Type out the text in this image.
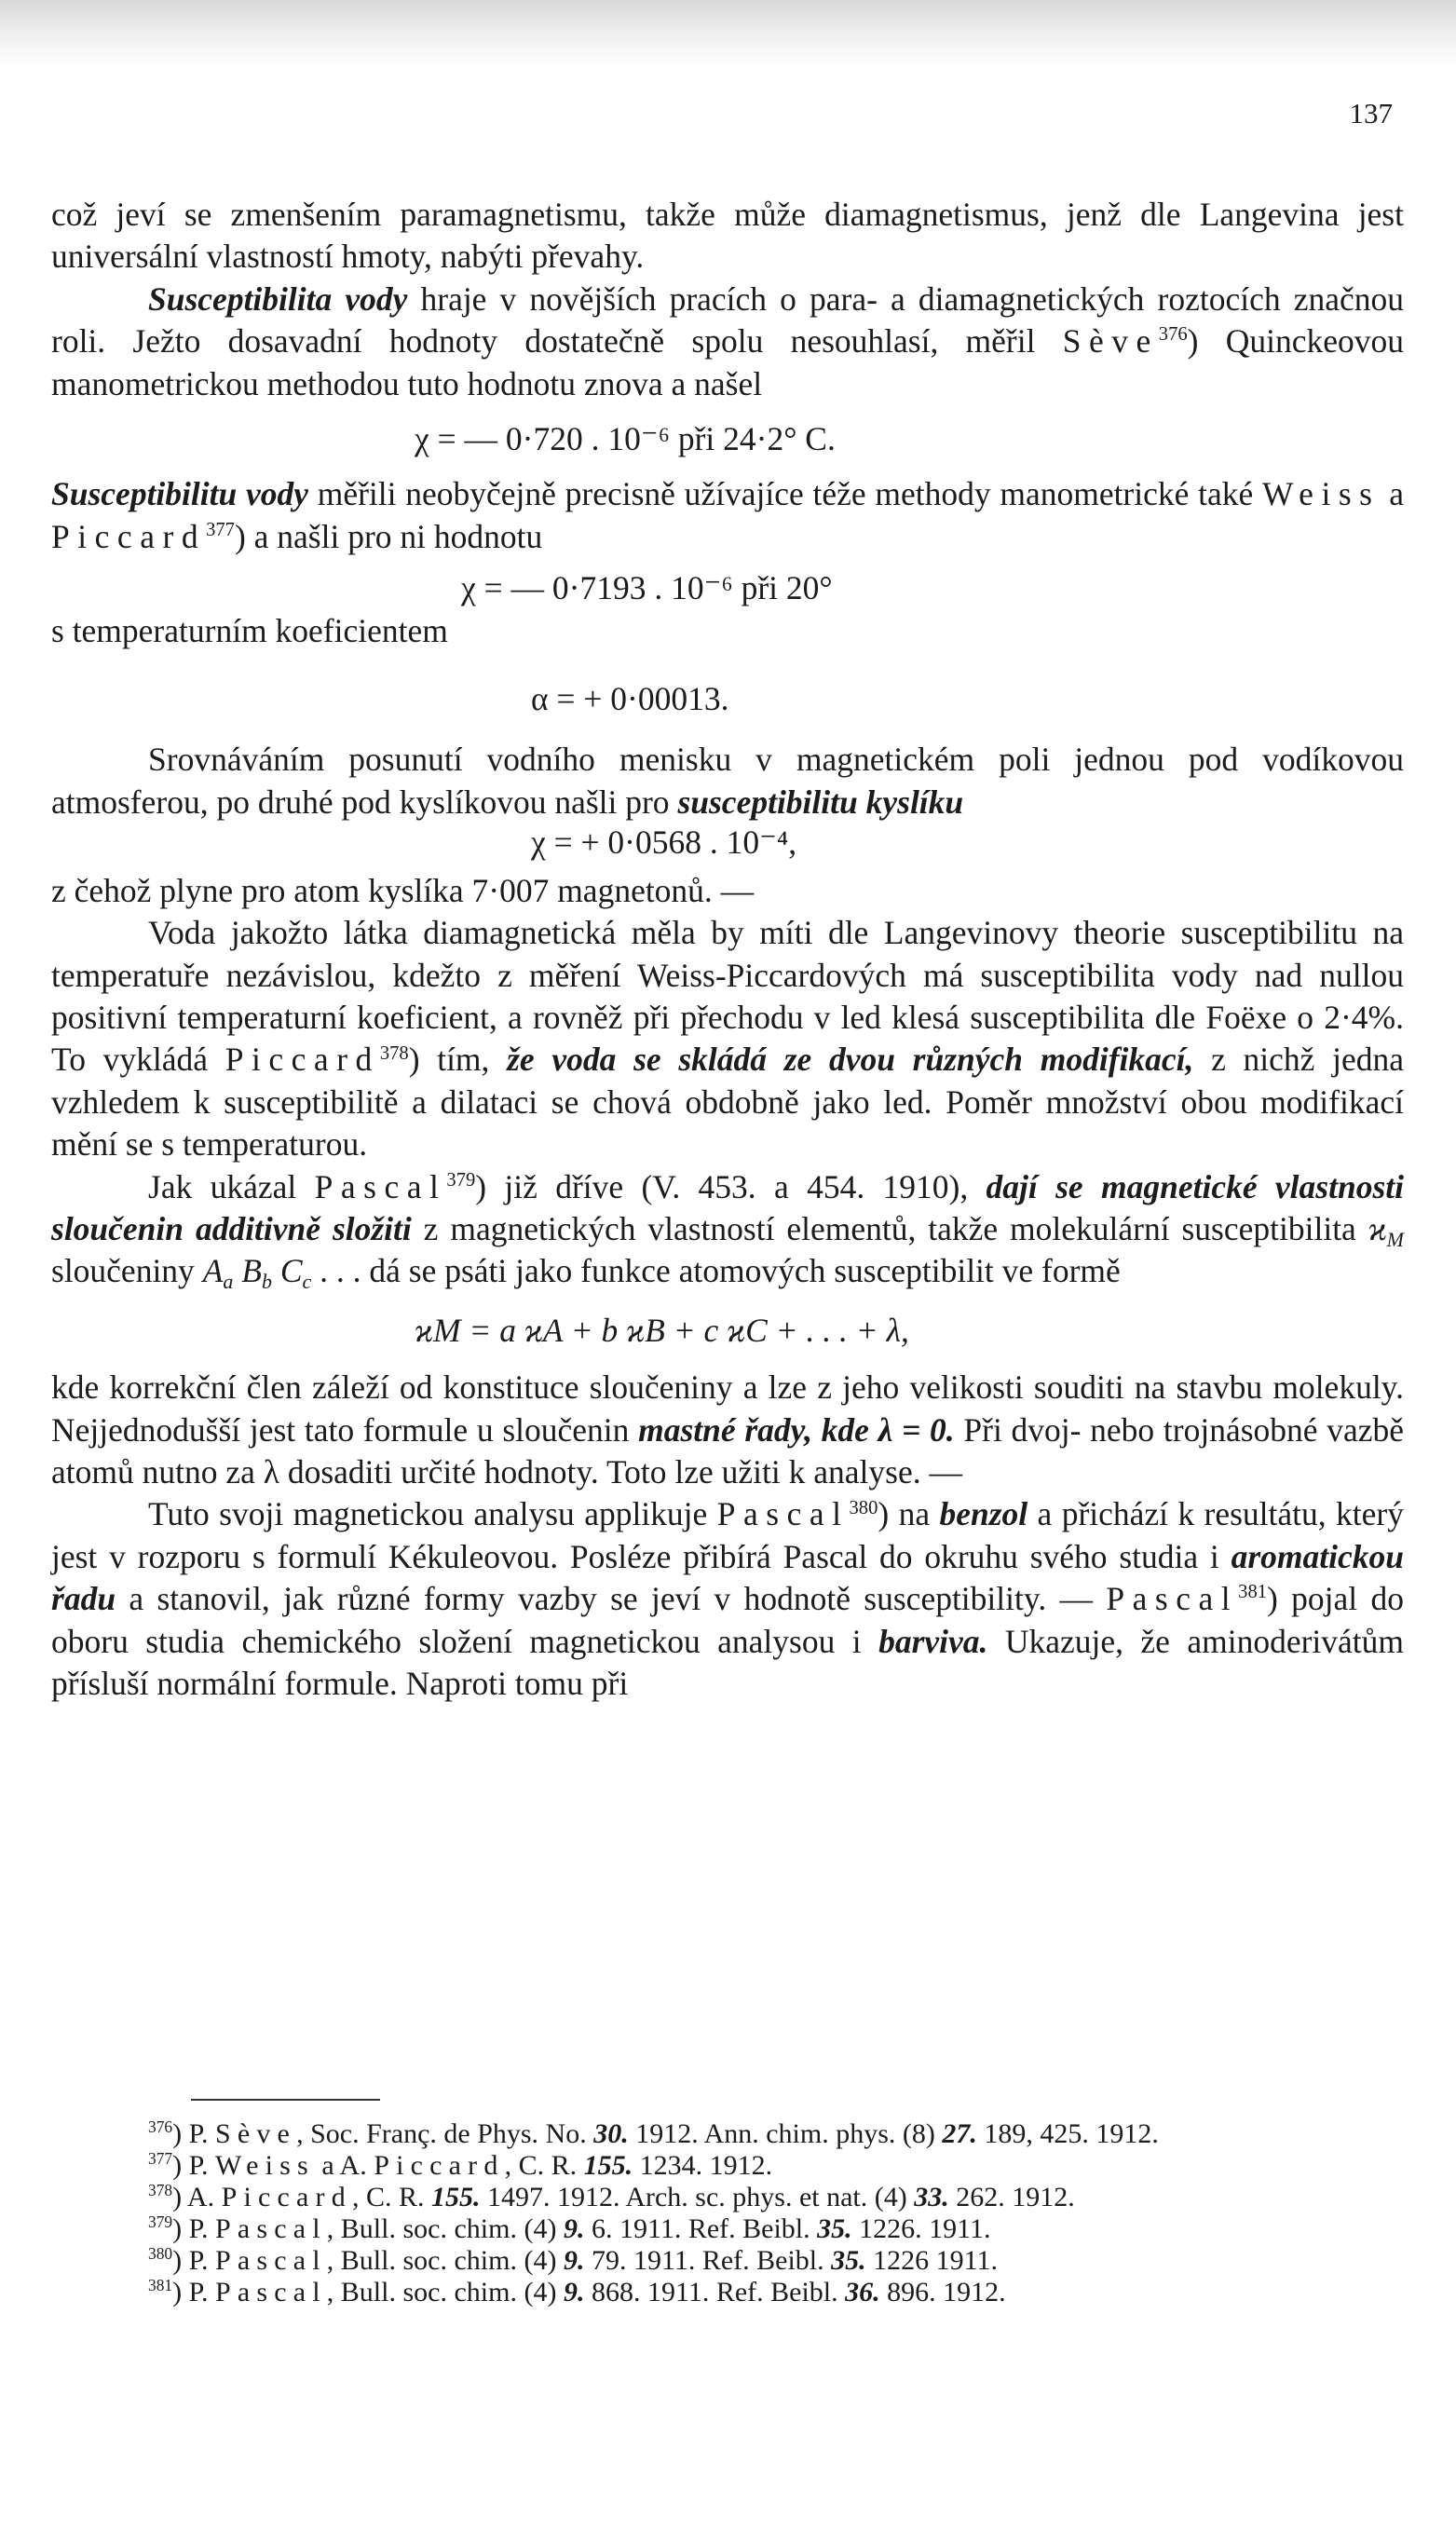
137

což jeví se zmenšením paramagnetismu, takže může diamagnetismus, jenž dle Langevina jest universální vlastností hmoty, nabýti převahy.

Susceptibilita vody hraje v novějších pracích o para- a diamagnetických roztocích značnou roli. Ježto dosavadní hodnoty dostatečně spolu nesouhlasí, měřil Sève$^{376}$) Quinckeovou manometrickou methodou tuto hodnotu znova a našel

χ = — 0·720 . 10⁻⁶ při 24·2° C.

Susceptibilitu vody měřili neobyčejně precisně užívajíce téže methody manometrické také Weiss a Piccard$^{377}$) a našli pro ni hodnotu

χ = — 0·7193 . 10⁻⁶ při 20°

s temperaturním koeficientem

α = + 0·00013.

Srovnáváním posunutí vodního menisku v magnetickém poli jednou pod vodíkovou atmosferou, po druhé pod kyslíkovou našli pro susceptibilitu kyslíku

χ = + 0·0568 . 10⁻⁴,

z čehož plyne pro atom kyslíka 7·007 magnetonů. —

Voda jakožto látka diamagnetická měla by míti dle Langevinovy theorie susceptibilitu na temperatuře nezávislou, kdežto z měření Weiss-Piccardových má susceptibilita vody nad nullou positivní temperaturní koeficient, a rovněž při přechodu v led klesá susceptibilita dle Foëxe o 2·4%. To vykládá Piccard$^{378}$) tím, že voda se skládá ze dvou různých modifikací, z nichž jedna vzhledem k susceptibilitě a dilataci se chová obdobně jako led. Poměr množství obou modifikací mění se s temperaturou.

Jak ukázal Pascal$^{379}$) již dříve (V. 453. a 454. 1910), dají se magnetické vlastnosti sloučenin additivně složiti z magnetických vlastností elementů, takže molekulární susceptibilita $ϰ_M$ sloučeniny $A_a$ $B_b$ $C_c$ . . . dá se psáti jako funkce atomových susceptibilit ve formě

ϰM = a ϰA + b ϰB + c ϰC + . . . + λ,

kde korrekční člen záleží od konstituce sloučeniny a lze z jeho velikosti souditi na stavbu molekuly. Nejjednodušší jest tato formule u sloučenin mastné řady, kde λ = 0. Při dvoj- nebo trojnásobné vazbě atomů nutno za λ dosaditi určité hodnoty. Toto lze užiti k analyse. —

Tuto svoji magnetickou analysu applikuje Pascal$^{380}$) na benzol a přichází k resultátu, který jest v rozporu s formulí Kékuleovou. Posléze přibírá Pascal do okruhu svého studia i aromatickou řadu a stanovil, jak různé formy vazby se jeví v hodnotě susceptibility. — Pascal$^{381}$) pojal do oboru studia chemického složení magnetickou analysou i barviva. Ukazuje, že aminoderivátům přísluší normální formule. Naproti tomu při

$^{376}$) P. Sève, Soc. Franç. de Phys. No. 30. 1912. Ann. chim. phys. (8) 27. 189, 425. 1912.

$^{377}$) P. Weiss a A. Piccard, C. R. 155. 1234. 1912.

$^{378}$) A. Piccard, C. R. 155. 1497. 1912. Arch. sc. phys. et nat. (4) 33. 262. 1912.

$^{379}$) P. Pascal, Bull. soc. chim. (4) 9. 6. 1911. Ref. Beibl. 35. 1226. 1911.

$^{380}$) P. Pascal, Bull. soc. chim. (4) 9. 79. 1911. Ref. Beibl. 35. 1226 1911.

$^{381}$) P. Pascal, Bull. soc. chim. (4) 9. 868. 1911. Ref. Beibl. 36. 896. 1912.
